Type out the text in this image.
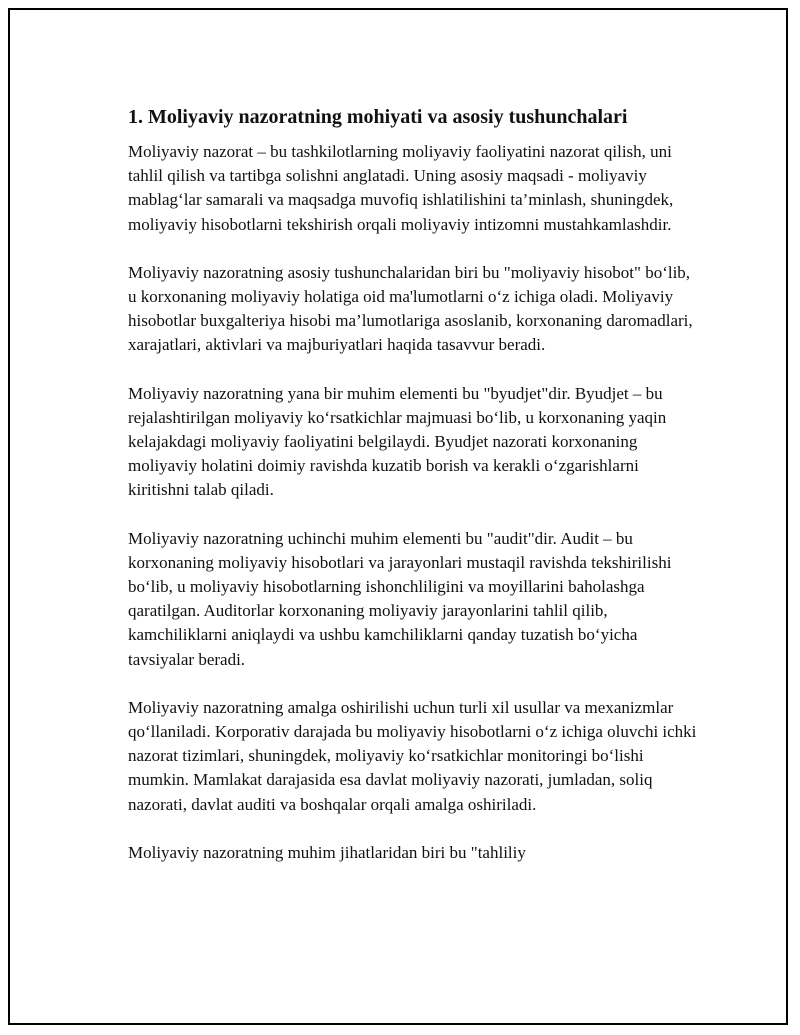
1. Moliyaviy nazoratning mohiyati va asosiy tushunchalari

Moliyaviy nazorat – bu tashkilotlarning moliyaviy faoliyatini nazorat qilish, uni tahlil qilish va tartibga solishni anglatadi. Uning asosiy maqsadi - moliyaviy mablag‘lar samarali va maqsadga muvofiq ishlatilishini ta’minlash, shuningdek, moliyaviy hisobotlarni tekshirish orqali moliyaviy intizomni mustahkamlashdir.

Moliyaviy nazoratning asosiy tushunchalaridan biri bu "moliyaviy hisobot" bo‘lib, u korxonaning moliyaviy holatiga oid ma'lumotlarni o‘z ichiga oladi. Moliyaviy hisobotlar buxgalteriya hisobi ma’lumotlariga asoslanib, korxonaning daromadlari, xarajatlari, aktivlari va majburiyatlari haqida tasavvur beradi.

Moliyaviy nazoratning yana bir muhim elementi bu "byudjet"dir. Byudjet – bu rejalashtirilgan moliyaviy ko‘rsatkichlar majmuasi bo‘lib, u korxonaning yaqin kelajakdagi moliyaviy faoliyatini belgilaydi. Byudjet nazorati korxonaning moliyaviy holatini doimiy ravishda kuzatib borish va kerakli o‘zgarishlarni kiritishni talab qiladi.

Moliyaviy nazoratning uchinchi muhim elementi bu "audit"dir. Audit – bu korxonaning moliyaviy hisobotlari va jarayonlari mustaqil ravishda tekshirilishi bo‘lib, u moliyaviy hisobotlarning ishonchliligini va moyillarini baholashga qaratilgan. Auditorlar korxonaning moliyaviy jarayonlarini tahlil qilib, kamchiliklarni aniqlaydi va ushbu kamchiliklarni qanday tuzatish bo‘yicha tavsiyalar beradi.

Moliyaviy nazoratning amalga oshirilishi uchun turli xil usullar va mexanizmlar qo‘llaniladi. Korporativ darajada bu moliyaviy hisobotlarni o‘z ichiga oluvchi ichki nazorat tizimlari, shuningdek, moliyaviy ko‘rsatkichlar monitoringi bo‘lishi mumkin. Mamlakat darajasida esa davlat moliyaviy nazorati, jumladan, soliq nazorati, davlat auditi va boshqalar orqali amalga oshiriladi.

Moliyaviy nazoratning muhim jihatlaridan biri bu "tahliliy
